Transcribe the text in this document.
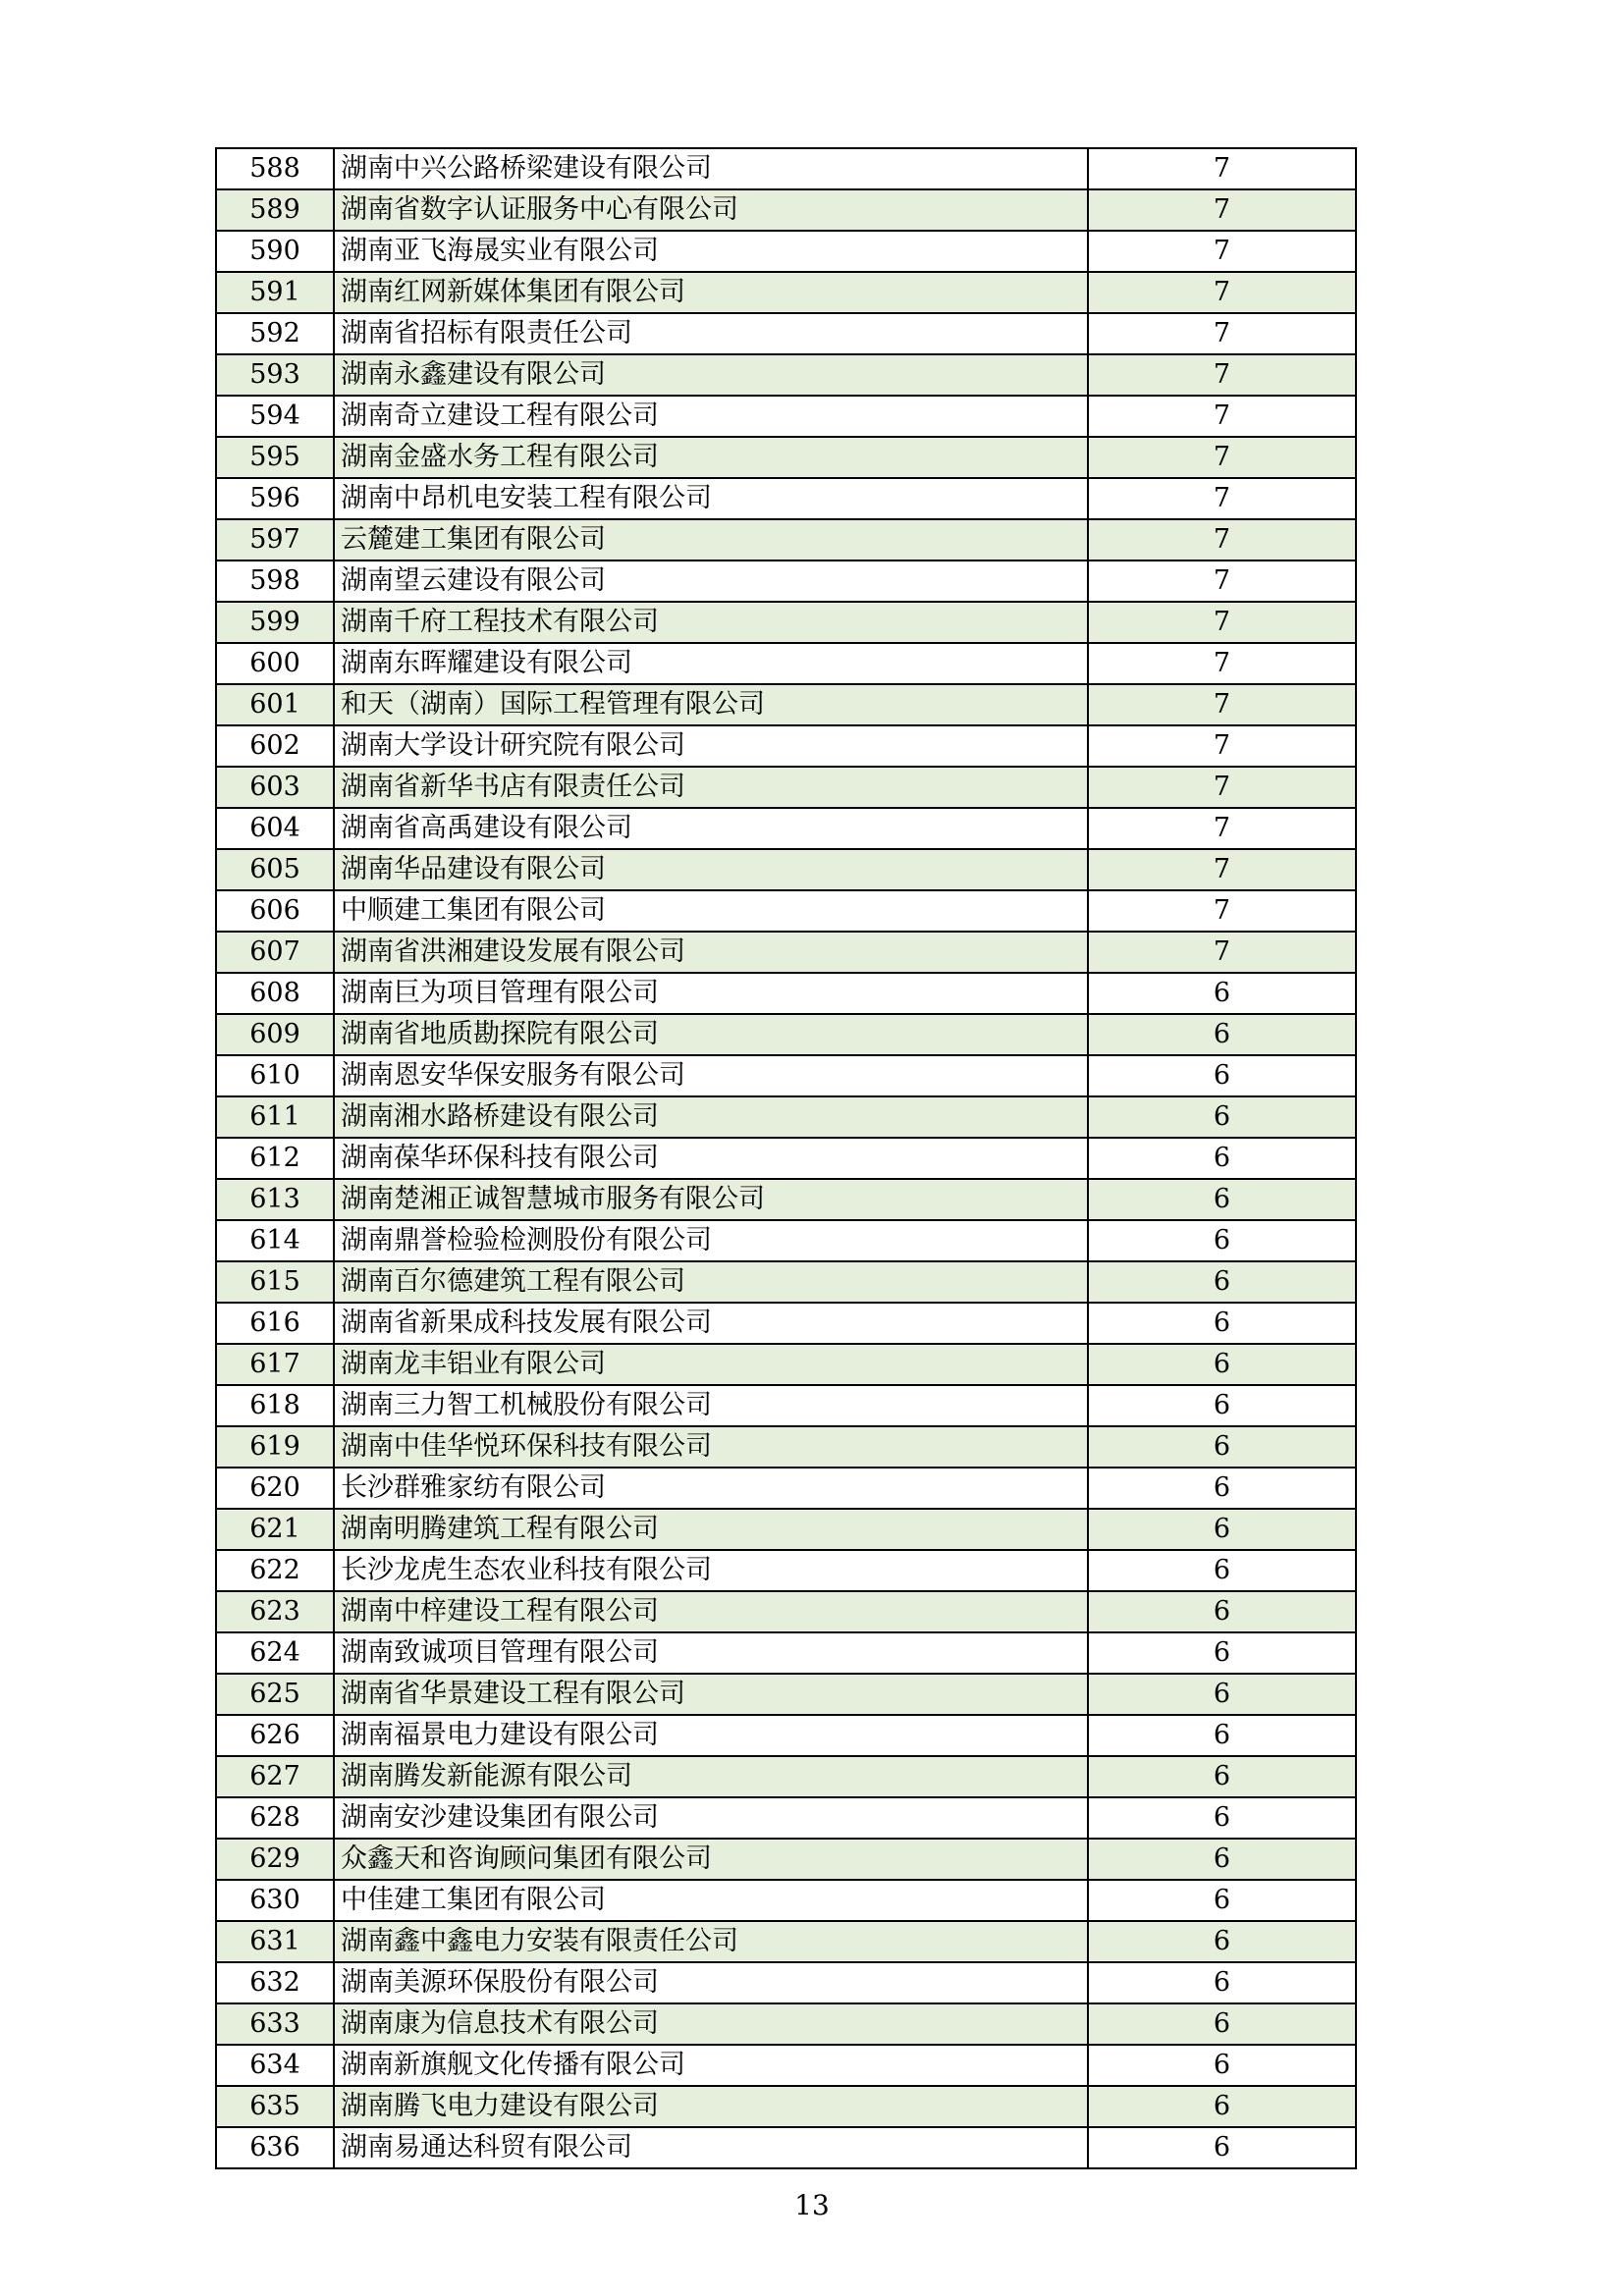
588	湖南中兴公路桥梁建设有限公司	7
589	湖南省数字认证服务中心有限公司	7
590	湖南亚飞海晟实业有限公司	7
591	湖南红网新媒体集团有限公司	7
592	湖南省招标有限责任公司	7
593	湖南永鑫建设有限公司	7
594	湖南奇立建设工程有限公司	7
595	湖南金盛水务工程有限公司	7
596	湖南中昂机电安装工程有限公司	7
597	云麓建工集团有限公司	7
598	湖南望云建设有限公司	7
599	湖南千府工程技术有限公司	7
600	湖南东晖耀建设有限公司	7
601	和天（湖南）国际工程管理有限公司	7
602	湖南大学设计研究院有限公司	7
603	湖南省新华书店有限责任公司	7
604	湖南省高禹建设有限公司	7
605	湖南华品建设有限公司	7
606	中顺建工集团有限公司	7
607	湖南省洪湘建设发展有限公司	7
608	湖南巨为项目管理有限公司	6
609	湖南省地质勘探院有限公司	6
610	湖南恩安华保安服务有限公司	6
611	湖南湘水路桥建设有限公司	6
612	湖南葆华环保科技有限公司	6
613	湖南楚湘正诚智慧城市服务有限公司	6
614	湖南鼎誉检验检测股份有限公司	6
615	湖南百尔德建筑工程有限公司	6
616	湖南省新果成科技发展有限公司	6
617	湖南龙丰铝业有限公司	6
618	湖南三力智工机械股份有限公司	6
619	湖南中佳华悦环保科技有限公司	6
620	长沙群雅家纺有限公司	6
621	湖南明腾建筑工程有限公司	6
622	长沙龙虎生态农业科技有限公司	6
623	湖南中梓建设工程有限公司	6
624	湖南致诚项目管理有限公司	6
625	湖南省华景建设工程有限公司	6
626	湖南福景电力建设有限公司	6
627	湖南腾发新能源有限公司	6
628	湖南安沙建设集团有限公司	6
629	众鑫天和咨询顾问集团有限公司	6
630	中佳建工集团有限公司	6
631	湖南鑫中鑫电力安装有限责任公司	6
632	湖南美源环保股份有限公司	6
633	湖南康为信息技术有限公司	6
634	湖南新旗舰文化传播有限公司	6
635	湖南腾飞电力建设有限公司	6
636	湖南易通达科贸有限公司	6
13
